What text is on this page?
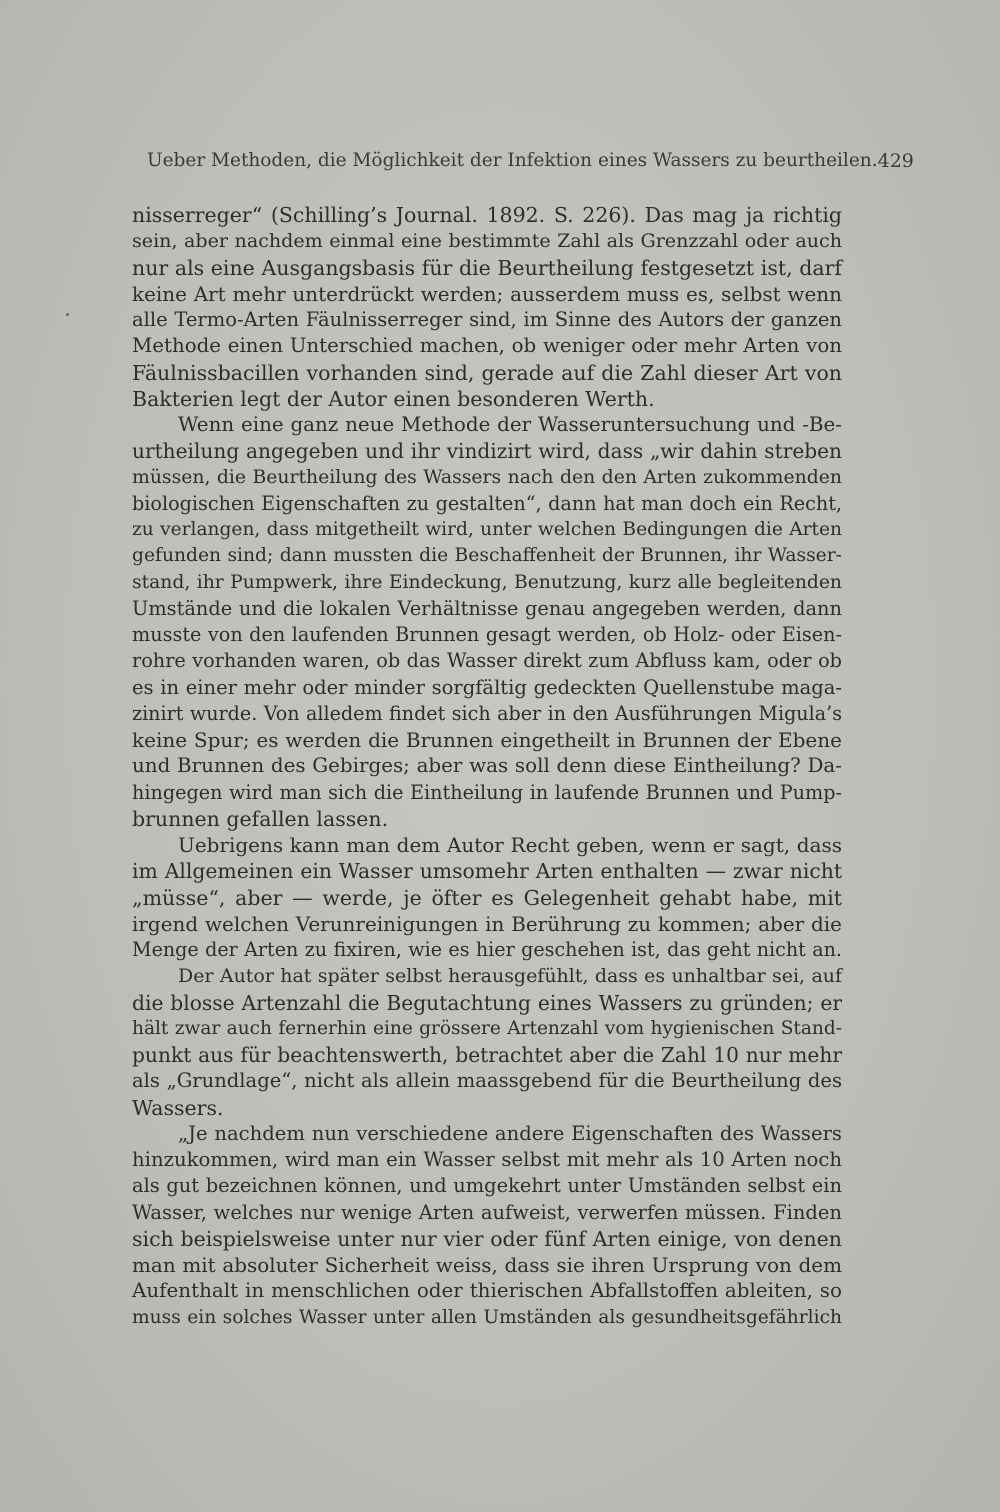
Ueber Methoden, die Möglichkeit der Infektion eines Wassers zu beurtheilen. 429
nisserreger“ (Schilling’s Journal. 1892. S. 226). Das mag ja richtig
sein, aber nachdem einmal eine bestimmte Zahl als Grenzzahl oder auch
nur als eine Ausgangsbasis für die Beurtheilung festgesetzt ist, darf
keine Art mehr unterdrückt werden; ausserdem muss es, selbst wenn
alle Termo-Arten Fäulnisserreger sind, im Sinne des Autors der ganzen
Methode einen Unterschied machen, ob weniger oder mehr Arten von
Fäulnissbacillen vorhanden sind, gerade auf die Zahl dieser Art von
Bakterien legt der Autor einen besonderen Werth.
Wenn eine ganz neue Methode der Wasseruntersuchung und -Be-
urtheilung angegeben und ihr vindizirt wird, dass „wir dahin streben
müssen, die Beurtheilung des Wassers nach den den Arten zukommenden
biologischen Eigenschaften zu gestalten“, dann hat man doch ein Recht,
zu verlangen, dass mitgetheilt wird, unter welchen Bedingungen die Arten
gefunden sind; dann mussten die Beschaffenheit der Brunnen, ihr Wasser-
stand, ihr Pumpwerk, ihre Eindeckung, Benutzung, kurz alle begleitenden
Umstände und die lokalen Verhältnisse genau angegeben werden, dann
musste von den laufenden Brunnen gesagt werden, ob Holz- oder Eisen-
rohre vorhanden waren, ob das Wasser direkt zum Abfluss kam, oder ob
es in einer mehr oder minder sorgfältig gedeckten Quellenstube maga-
zinirt wurde. Von alledem findet sich aber in den Ausführungen Migula’s
keine Spur; es werden die Brunnen eingetheilt in Brunnen der Ebene
und Brunnen des Gebirges; aber was soll denn diese Eintheilung? Da-
hingegen wird man sich die Eintheilung in laufende Brunnen und Pump-
brunnen gefallen lassen.
Uebrigens kann man dem Autor Recht geben, wenn er sagt, dass
im Allgemeinen ein Wasser umsomehr Arten enthalten — zwar nicht
„müsse“, aber — werde, je öfter es Gelegenheit gehabt habe, mit
irgend welchen Verunreinigungen in Berührung zu kommen; aber die
Menge der Arten zu fixiren, wie es hier geschehen ist, das geht nicht an.
Der Autor hat später selbst herausgefühlt, dass es unhaltbar sei, auf
die blosse Artenzahl die Begutachtung eines Wassers zu gründen; er
hält zwar auch fernerhin eine grössere Artenzahl vom hygienischen Stand-
punkt aus für beachtenswerth, betrachtet aber die Zahl 10 nur mehr
als „Grundlage“, nicht als allein maassgebend für die Beurtheilung des
Wassers.
„Je nachdem nun verschiedene andere Eigenschaften des Wassers
hinzukommen, wird man ein Wasser selbst mit mehr als 10 Arten noch
als gut bezeichnen können, und umgekehrt unter Umständen selbst ein
Wasser, welches nur wenige Arten aufweist, verwerfen müssen. Finden
sich beispielsweise unter nur vier oder fünf Arten einige, von denen
man mit absoluter Sicherheit weiss, dass sie ihren Ursprung von dem
Aufenthalt in menschlichen oder thierischen Abfallstoffen ableiten, so
muss ein solches Wasser unter allen Umständen als gesundheitsgefährlich
